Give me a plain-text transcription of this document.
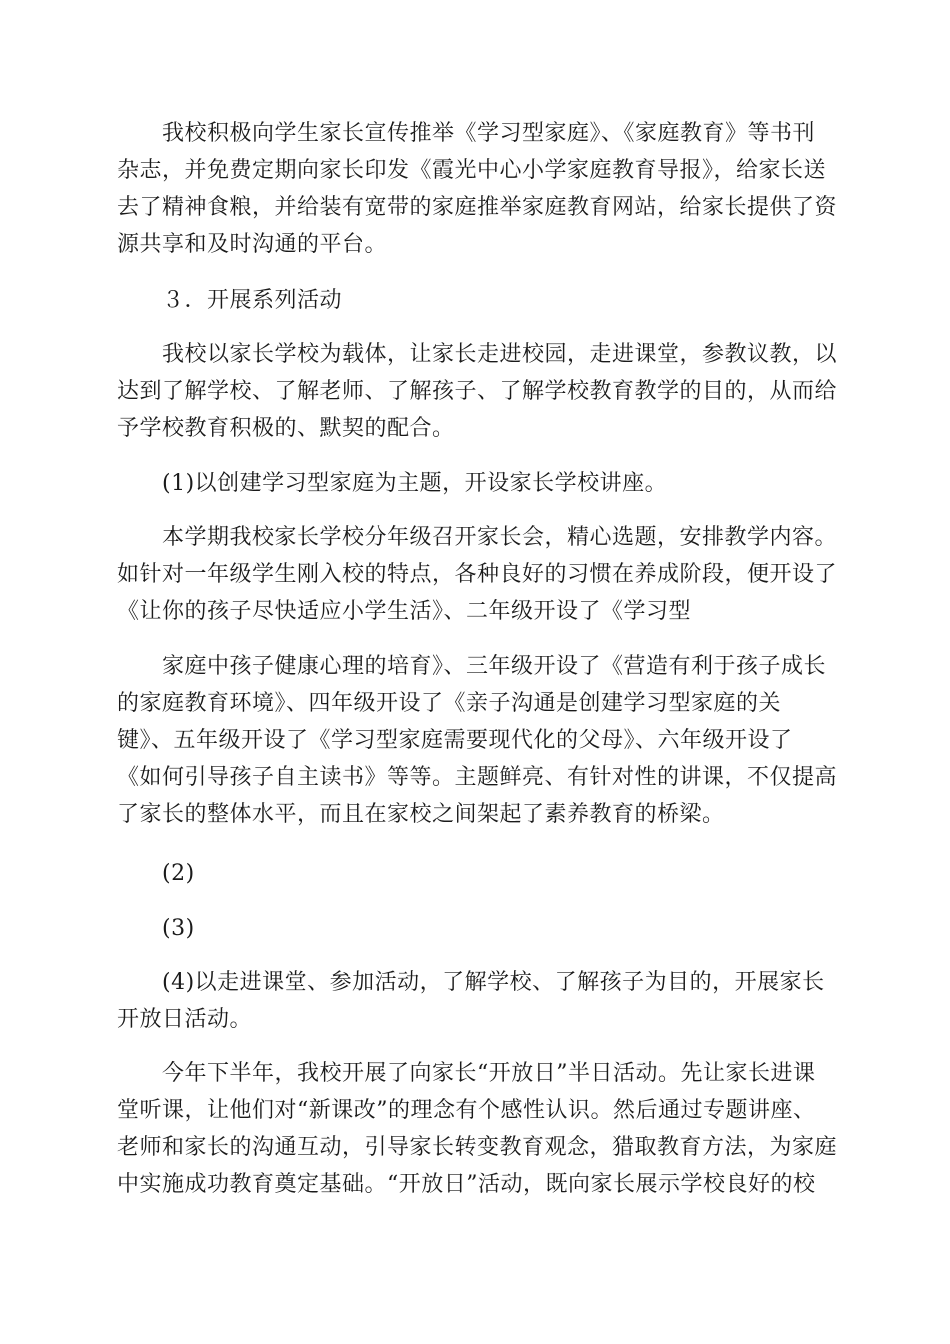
我校积极向学生家长宣传推举《学习型家庭》、《家庭教育》等书刊
杂志，并免费定期向家长印发《霞光中心小学家庭教育导报》，给家长送
去了精神食粮，并给装有宽带的家庭推举家庭教育网站，给家长提供了资
源共享和及时沟通的平台。
３．开展系列活动
我校以家长学校为载体，让家长走进校园，走进课堂，参教议教，以
达到了解学校、了解老师、了解孩子、了解学校教育教学的目的，从而给
予学校教育积极的、默契的配合。
(1)以创建学习型家庭为主题，开设家长学校讲座。
本学期我校家长学校分年级召开家长会，精心选题，安排教学内容。
如针对一年级学生刚入校的特点，各种良好的习惯在养成阶段，便开设了
《让你的孩子尽快适应小学生活》、二年级开设了《学习型
家庭中孩子健康心理的培育》、三年级开设了《营造有利于孩子成长
的家庭教育环境》、四年级开设了《亲子沟通是创建学习型家庭的关
键》、五年级开设了《学习型家庭需要现代化的父母》、六年级开设了
《如何引导孩子自主读书》等等。主题鲜亮、有针对性的讲课，不仅提高
了家长的整体水平，而且在家校之间架起了素养教育的桥梁。
(2)
(3)
(4)以走进课堂、参加活动，了解学校、了解孩子为目的，开展家长
开放日活动。
今年下半年，我校开展了向家长“开放日”半日活动。先让家长进课
堂听课，让他们对“新课改”的理念有个感性认识。然后通过专题讲座、
老师和家长的沟通互动，引导家长转变教育观念，猎取教育方法，为家庭
中实施成功教育奠定基础。“开放日”活动，既向家长展示学校良好的校
